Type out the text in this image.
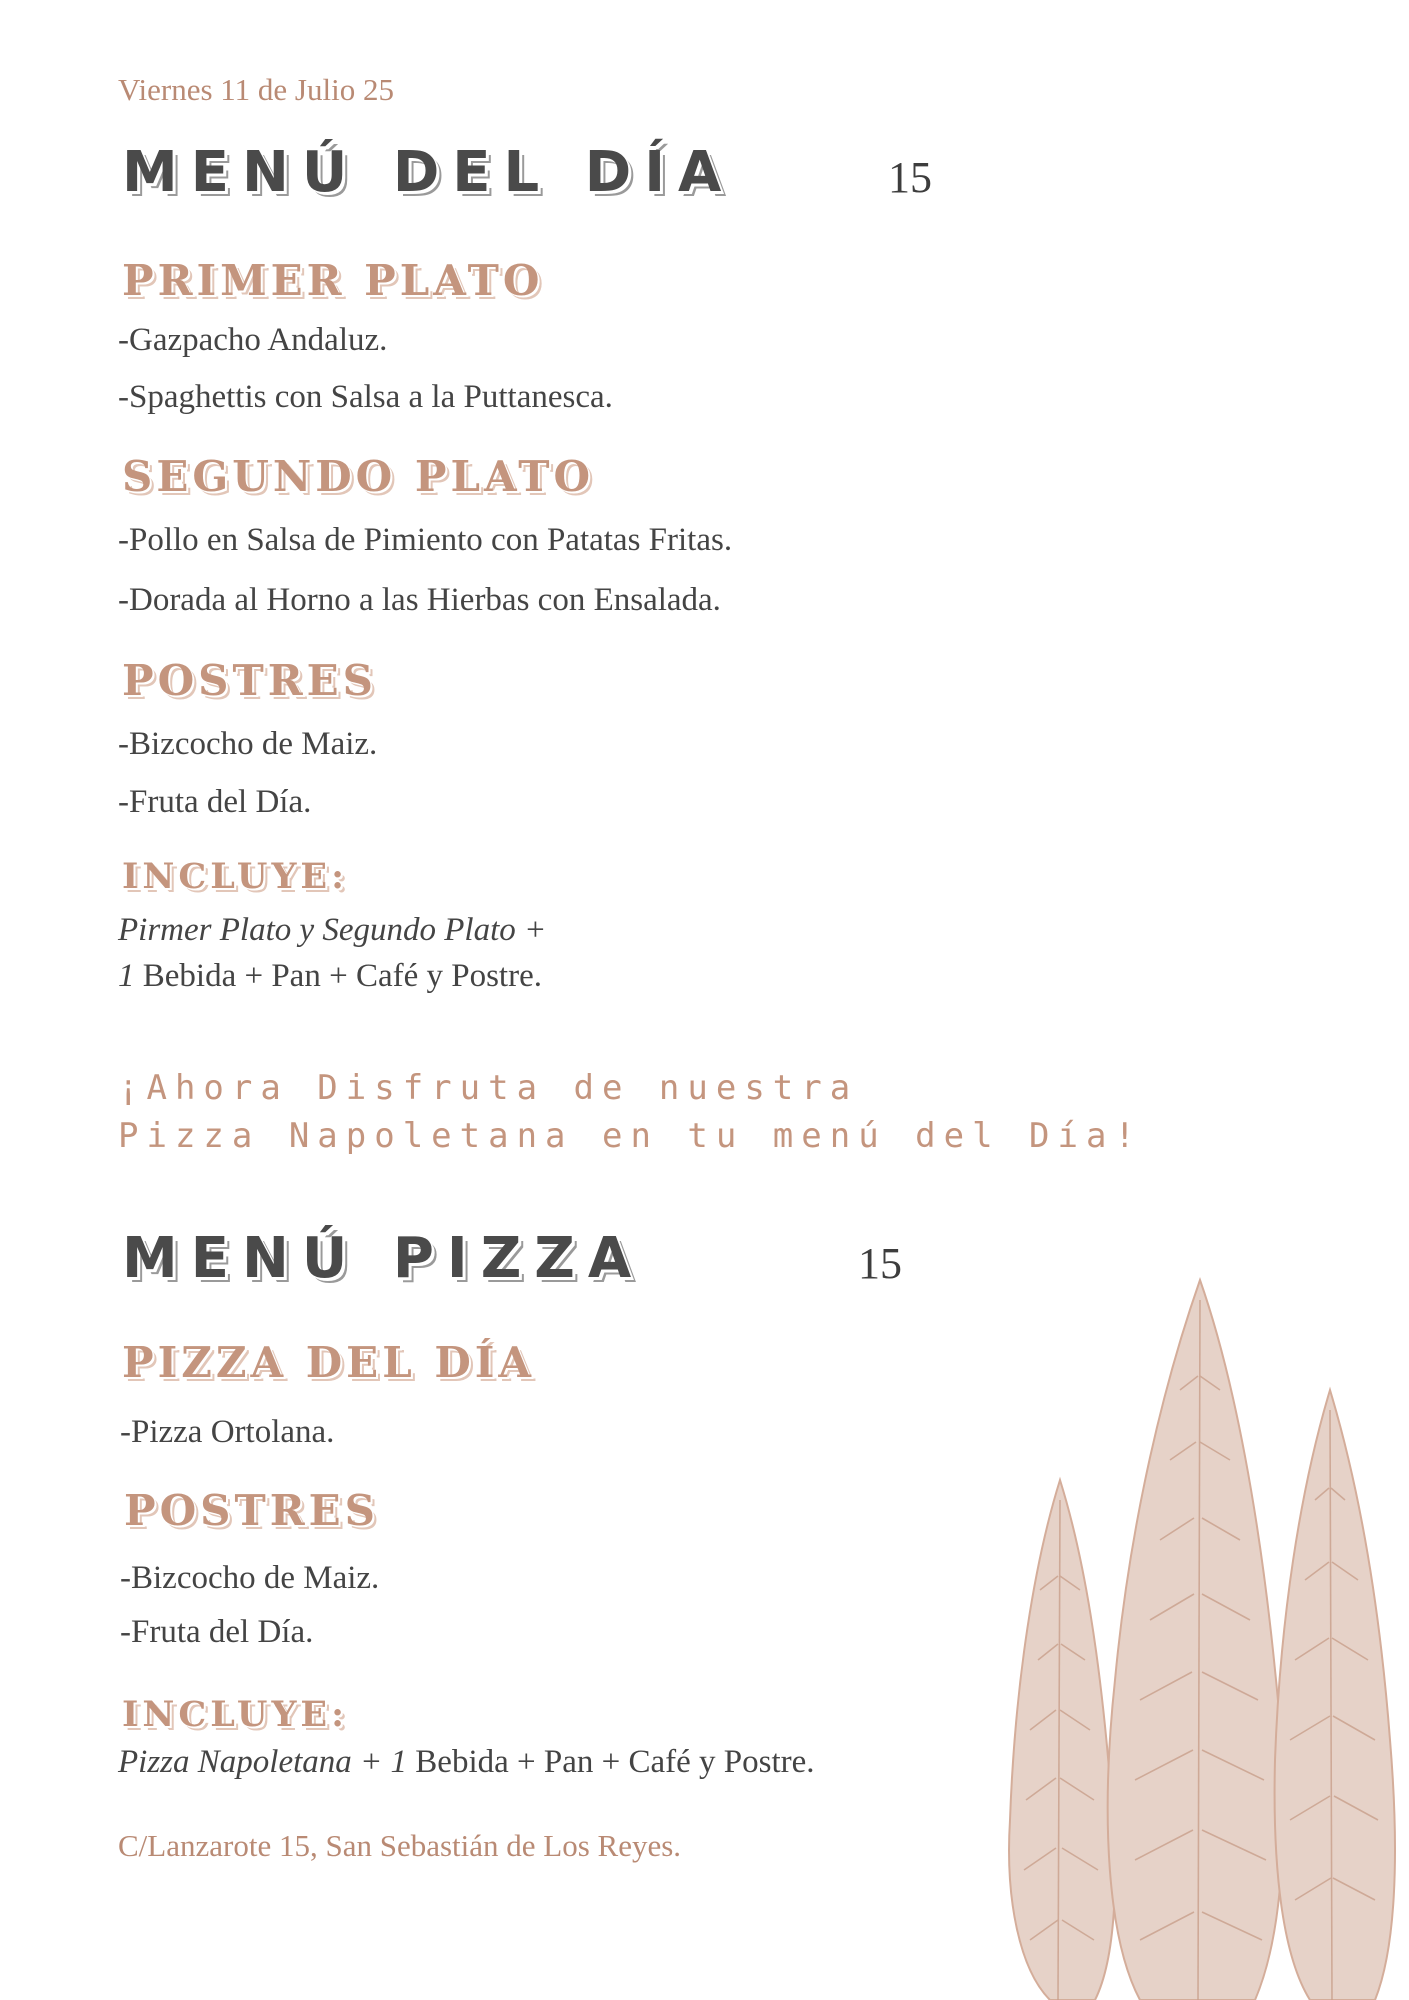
Viernes 11 de Julio 25
MENÚ DEL DÍA	15
PRIMER PLATO
-Gazpacho Andaluz.
-Spaghettis con Salsa a la Puttanesca.
SEGUNDO PLATO
-Pollo en Salsa de Pimiento con Patatas Fritas.
-Dorada al Horno a las Hierbas con Ensalada.
POSTRES
-Bizcocho de Maiz.
-Fruta del Día.
INCLUYE:
Pirmer Plato y Segundo Plato +
1 Bebida + Pan + Café y Postre.
¡Ahora Disfruta de nuestra
Pizza Napoletana en tu menú del Día!
MENÚ PIZZA	15
PIZZA DEL DÍA
-Pizza Ortolana.
POSTRES
-Bizcocho de Maiz.
-Fruta del Día.
INCLUYE:
Pizza Napoletana + 1 Bebida + Pan + Café y Postre.
C/Lanzarote 15, San Sebastián de Los Reyes.
